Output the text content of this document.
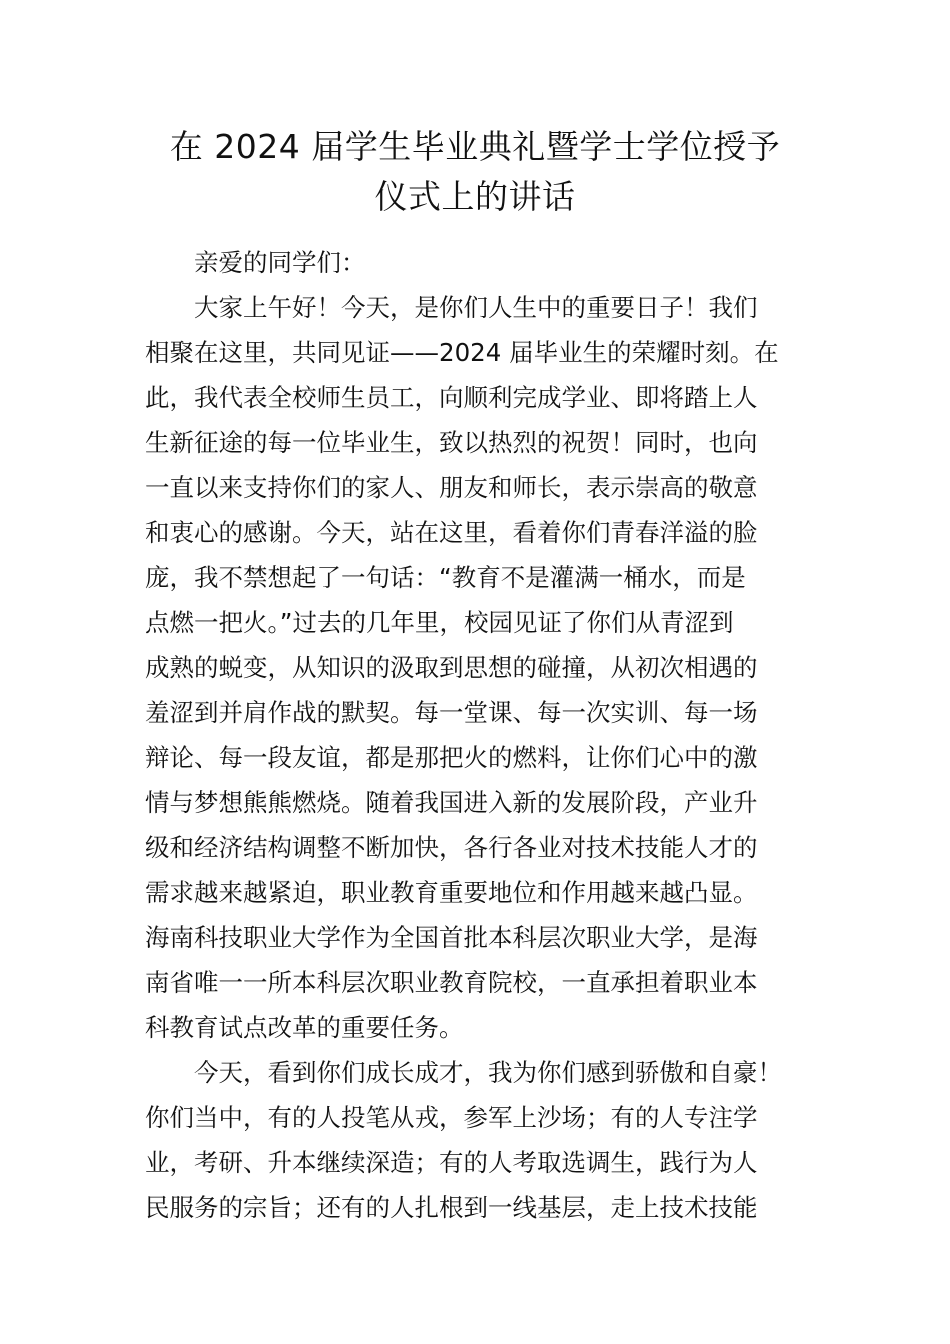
在 2024 届学生毕业典礼暨学士学位授予
仪式上的讲话
亲爱的同学们：
大家上午好！今天，是你们人生中的重要日子！我们
相聚在这里，共同见证——2024 届毕业生的荣耀时刻。在
此，我代表全校师生员工，向顺利完成学业、即将踏上人
生新征途的每一位毕业生，致以热烈的祝贺！同时，也向
一直以来支持你们的家人、朋友和师长，表示崇高的敬意
和衷心的感谢。今天，站在这里，看着你们青春洋溢的脸
庞，我不禁想起了一句话：“教育不是灌满一桶水，而是
点燃一把火。”过去的几年里，校园见证了你们从青涩到
成熟的蜕变，从知识的汲取到思想的碰撞，从初次相遇的
羞涩到并肩作战的默契。每一堂课、每一次实训、每一场
辩论、每一段友谊，都是那把火的燃料，让你们心中的激
情与梦想熊熊燃烧。随着我国进入新的发展阶段，产业升
级和经济结构调整不断加快，各行各业对技术技能人才的
需求越来越紧迫，职业教育重要地位和作用越来越凸显。
海南科技职业大学作为全国首批本科层次职业大学，是海
南省唯一一所本科层次职业教育院校，一直承担着职业本
科教育试点改革的重要任务。
今天，看到你们成长成才，我为你们感到骄傲和自豪！
你们当中，有的人投笔从戎，参军上沙场；有的人专注学
业，考研、升本继续深造；有的人考取选调生，践行为人
民服务的宗旨；还有的人扎根到一线基层，走上技术技能
